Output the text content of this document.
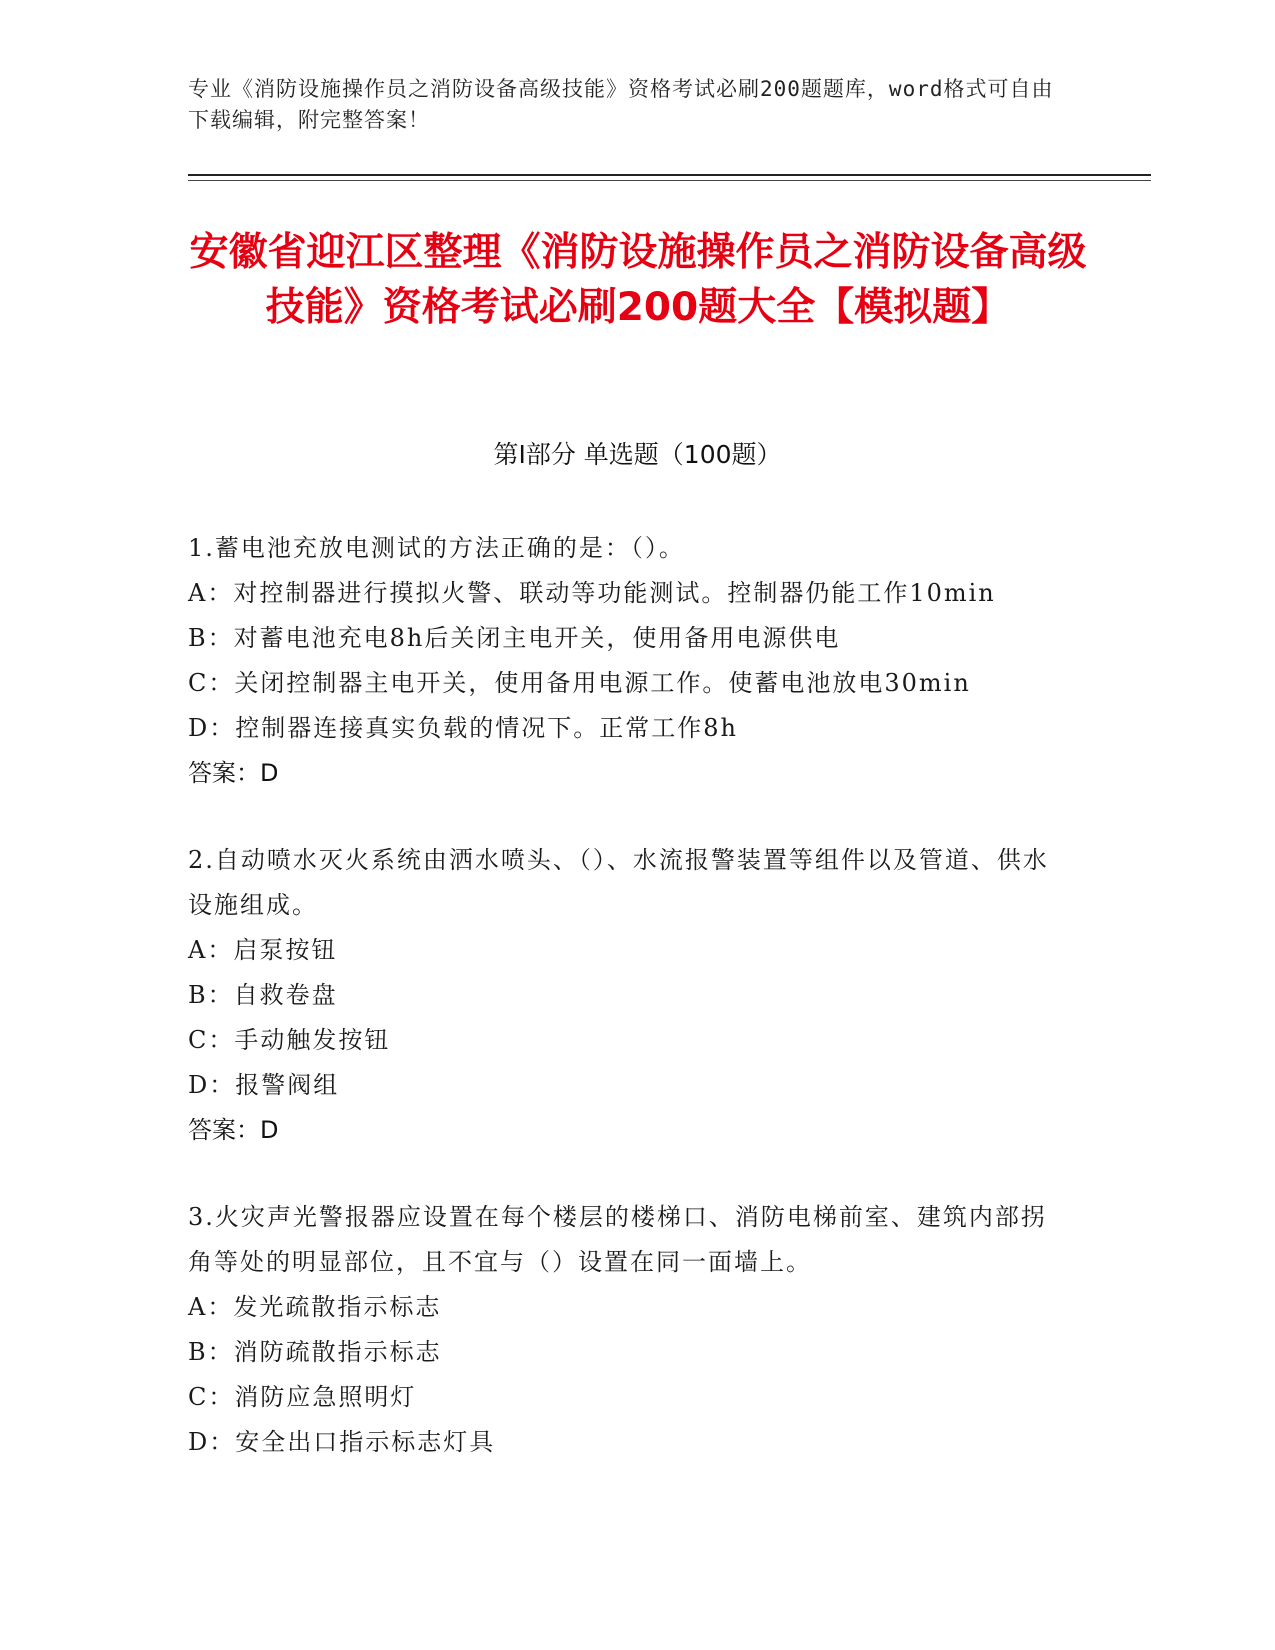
专业《消防设施操作员之消防设备高级技能》资格考试必刷200题题库，word格式可自由下载编辑，附完整答案！
安徽省迎江区整理《消防设施操作员之消防设备高级技能》资格考试必刷200题大全【模拟题】
第I部分 单选题（100题）
1.蓄电池充放电测试的方法正确的是：（）。
A：对控制器进行摸拟火警、联动等功能测试。控制器仍能工作10min
B：对蓄电池充电8h后关闭主电开关，使用备用电源供电
C：关闭控制器主电开关，使用备用电源工作。使蓄电池放电30min
D：控制器连接真实负载的情况下。正常工作8h
答案：D
2.自动喷水灭火系统由洒水喷头、（）、水流报警装置等组件以及管道、供水设施组成。
A：启泵按钮
B：自救卷盘
C：手动触发按钮
D：报警阀组
答案：D
3.火灾声光警报器应设置在每个楼层的楼梯口、消防电梯前室、建筑内部拐角等处的明显部位，且不宜与（）设置在同一面墙上。
A：发光疏散指示标志
B：消防疏散指示标志
C：消防应急照明灯
D：安全出口指示标志灯具
